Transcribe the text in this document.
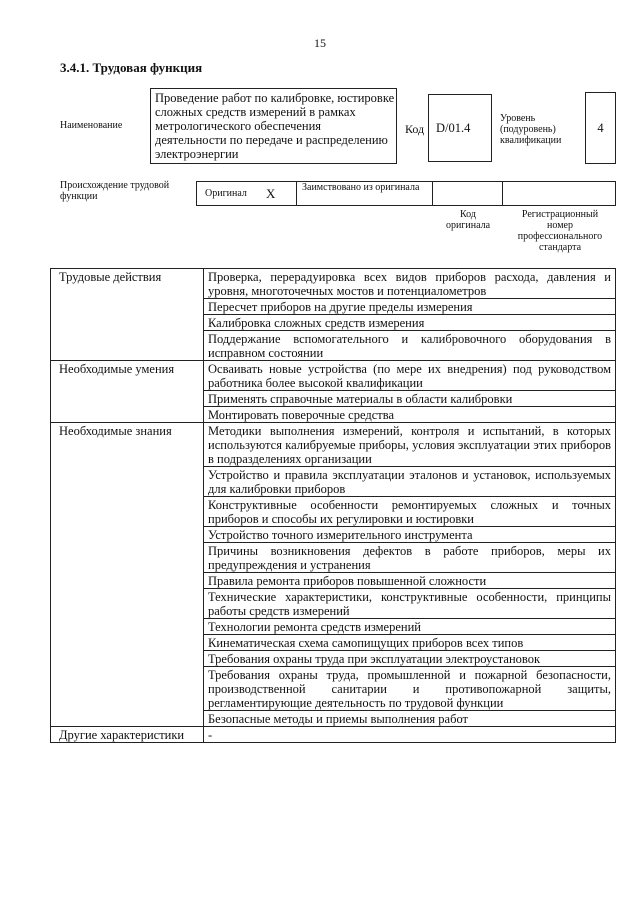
15
3.4.1. Трудовая функция
Наименование
Проведение работ по калибровке, юстировке сложных средств измерений в рамках метрологического обеспечения деятельности по передаче и распределению электроэнергии
Код D/01.4
Уровень (подуровень) квалификации
4
Происхождение трудовой функции	Оригинал X	Заимствовано из оригинала
Код оригинала
Регистрационный номер профессионального стандарта
Трудовые действия	Проверка, перерадуировка всех видов приборов расхода, давления и уровня, многоточечных мостов и потенциалометров
	Пересчет приборов на другие пределы измерения
	Калибровка сложных средств измерения
	Поддержание вспомогательного и калибровочного оборудования в исправном состоянии
Необходимые умения	Осваивать новые устройства (по мере их внедрения) под руководством работника более высокой квалификации
	Применять справочные материалы в области калибровки
	Монтировать поверочные средства
Необходимые знания	Методики выполнения измерений, контроля и испытаний, в которых используются калибруемые приборы, условия эксплуатации этих приборов в подразделениях организации
	Устройство и правила эксплуатации эталонов и установок, используемых для калибровки приборов
	Конструктивные особенности ремонтируемых сложных и точных приборов и способы их регулировки и юстировки
	Устройство точного измерительного инструмента
	Причины возникновения дефектов в работе приборов, меры их предупреждения и устранения
	Правила ремонта приборов повышенной сложности
	Технические характеристики, конструктивные особенности, принципы работы средств измерений
	Технологии ремонта средств измерений
	Кинематическая схема самопищущих приборов всех типов
	Требования охраны труда при эксплуатации электроустановок
	Требования охраны труда, промышленной и пожарной безопасности, производственной санитарии и противопожарной защиты, регламентирующие деятельность по трудовой функции
	Безопасные методы и приемы выполнения работ
Другие характеристики	-
